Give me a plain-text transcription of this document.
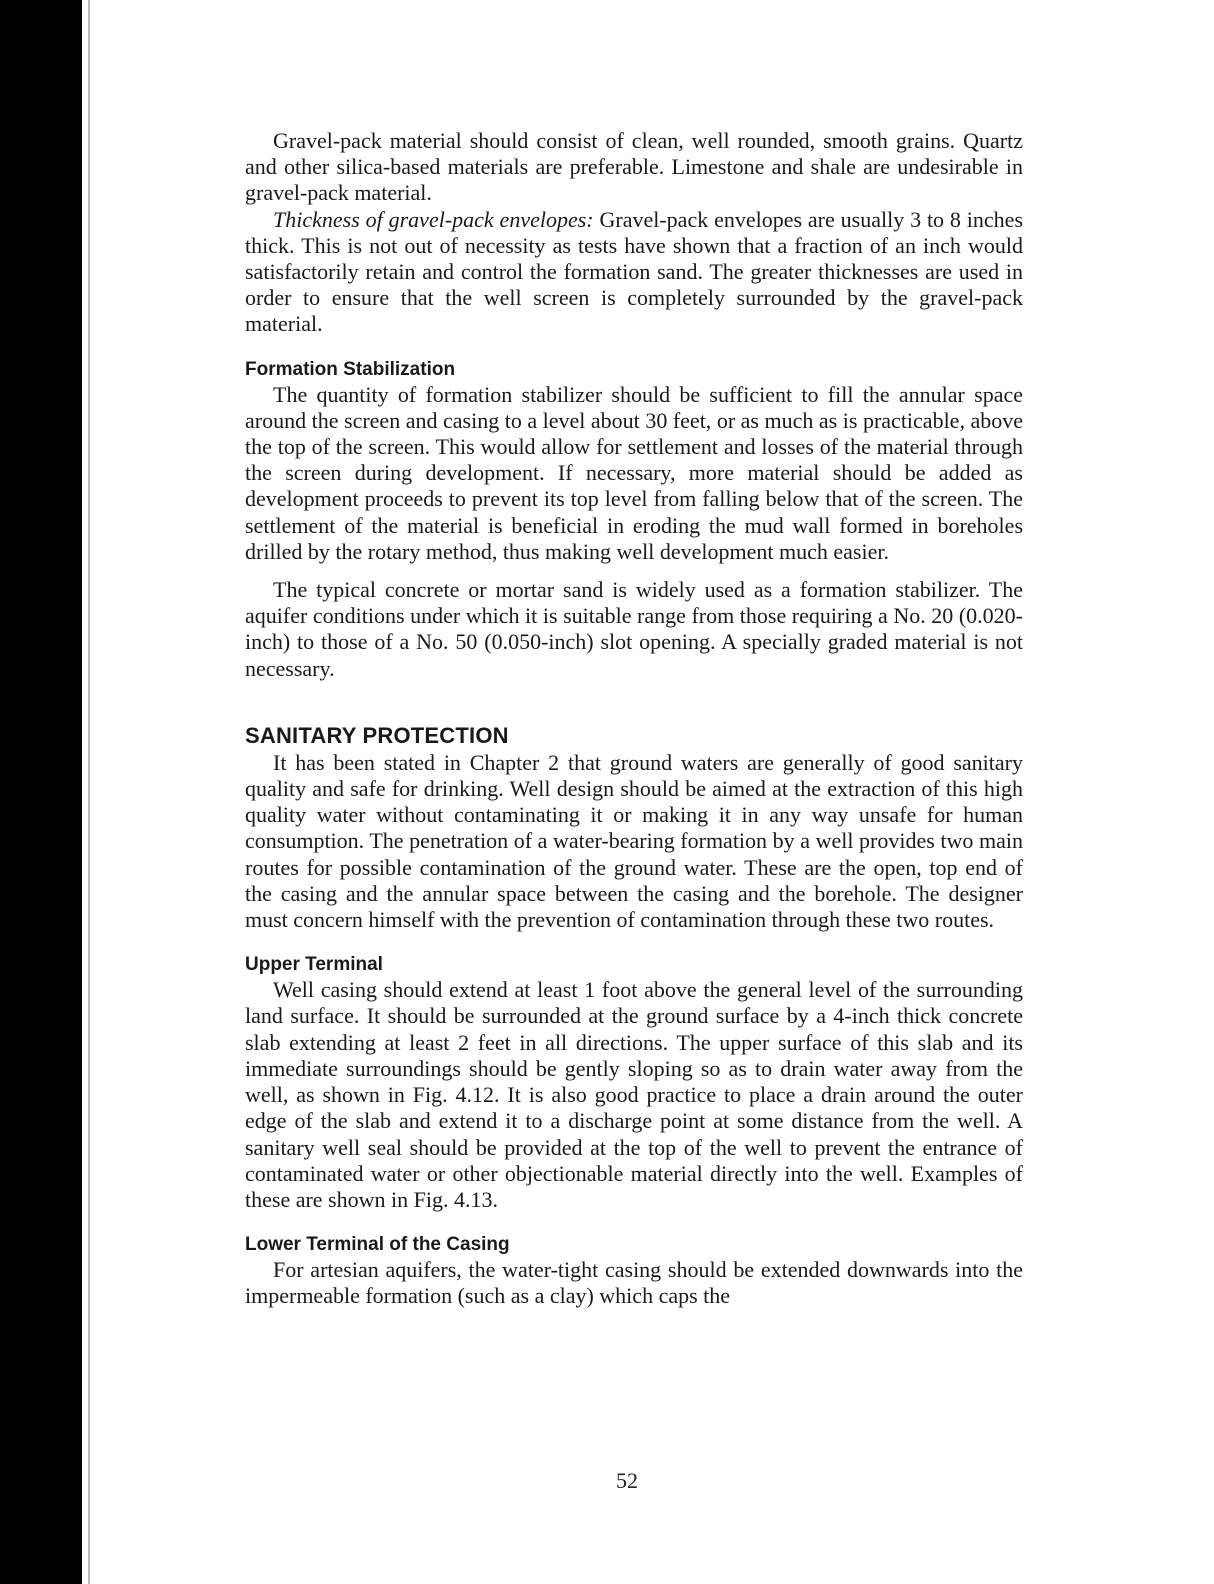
Gravel-pack material should consist of clean, well rounded, smooth grains. Quartz and other silica-based materials are preferable. Limestone and shale are undesirable in gravel-pack material.

Thickness of gravel-pack envelopes: Gravel-pack envelopes are usually 3 to 8 inches thick. This is not out of necessity as tests have shown that a fraction of an inch would satisfactorily retain and control the formation sand. The greater thicknesses are used in order to ensure that the well screen is completely surrounded by the gravel-pack material.

Formation Stabilization

The quantity of formation stabilizer should be sufficient to fill the annular space around the screen and casing to a level about 30 feet, or as much as is practicable, above the top of the screen. This would allow for settlement and losses of the material through the screen during development. If necessary, more material should be added as development proceeds to prevent its top level from falling below that of the screen. The settlement of the material is beneficial in eroding the mud wall formed in boreholes drilled by the rotary method, thus making well development much easier.

The typical concrete or mortar sand is widely used as a formation stabilizer. The aquifer conditions under which it is suitable range from those requiring a No. 20 (0.020-inch) to those of a No. 50 (0.050-inch) slot opening. A specially graded material is not necessary.

SANITARY PROTECTION

It has been stated in Chapter 2 that ground waters are generally of good sanitary quality and safe for drinking. Well design should be aimed at the extraction of this high quality water without contaminating it or making it in any way unsafe for human consumption. The penetration of a water-bearing formation by a well provides two main routes for possible contamination of the ground water. These are the open, top end of the casing and the annular space between the casing and the borehole. The designer must concern himself with the prevention of contamination through these two routes.

Upper Terminal

Well casing should extend at least 1 foot above the general level of the surrounding land surface. It should be surrounded at the ground surface by a 4-inch thick concrete slab extending at least 2 feet in all directions. The upper surface of this slab and its immediate surroundings should be gently sloping so as to drain water away from the well, as shown in Fig. 4.12. It is also good practice to place a drain around the outer edge of the slab and extend it to a discharge point at some distance from the well. A sanitary well seal should be provided at the top of the well to prevent the entrance of contaminated water or other objectionable material directly into the well. Examples of these are shown in Fig. 4.13.

Lower Terminal of the Casing

For artesian aquifers, the water-tight casing should be extended downwards into the impermeable formation (such as a clay) which caps the

52
